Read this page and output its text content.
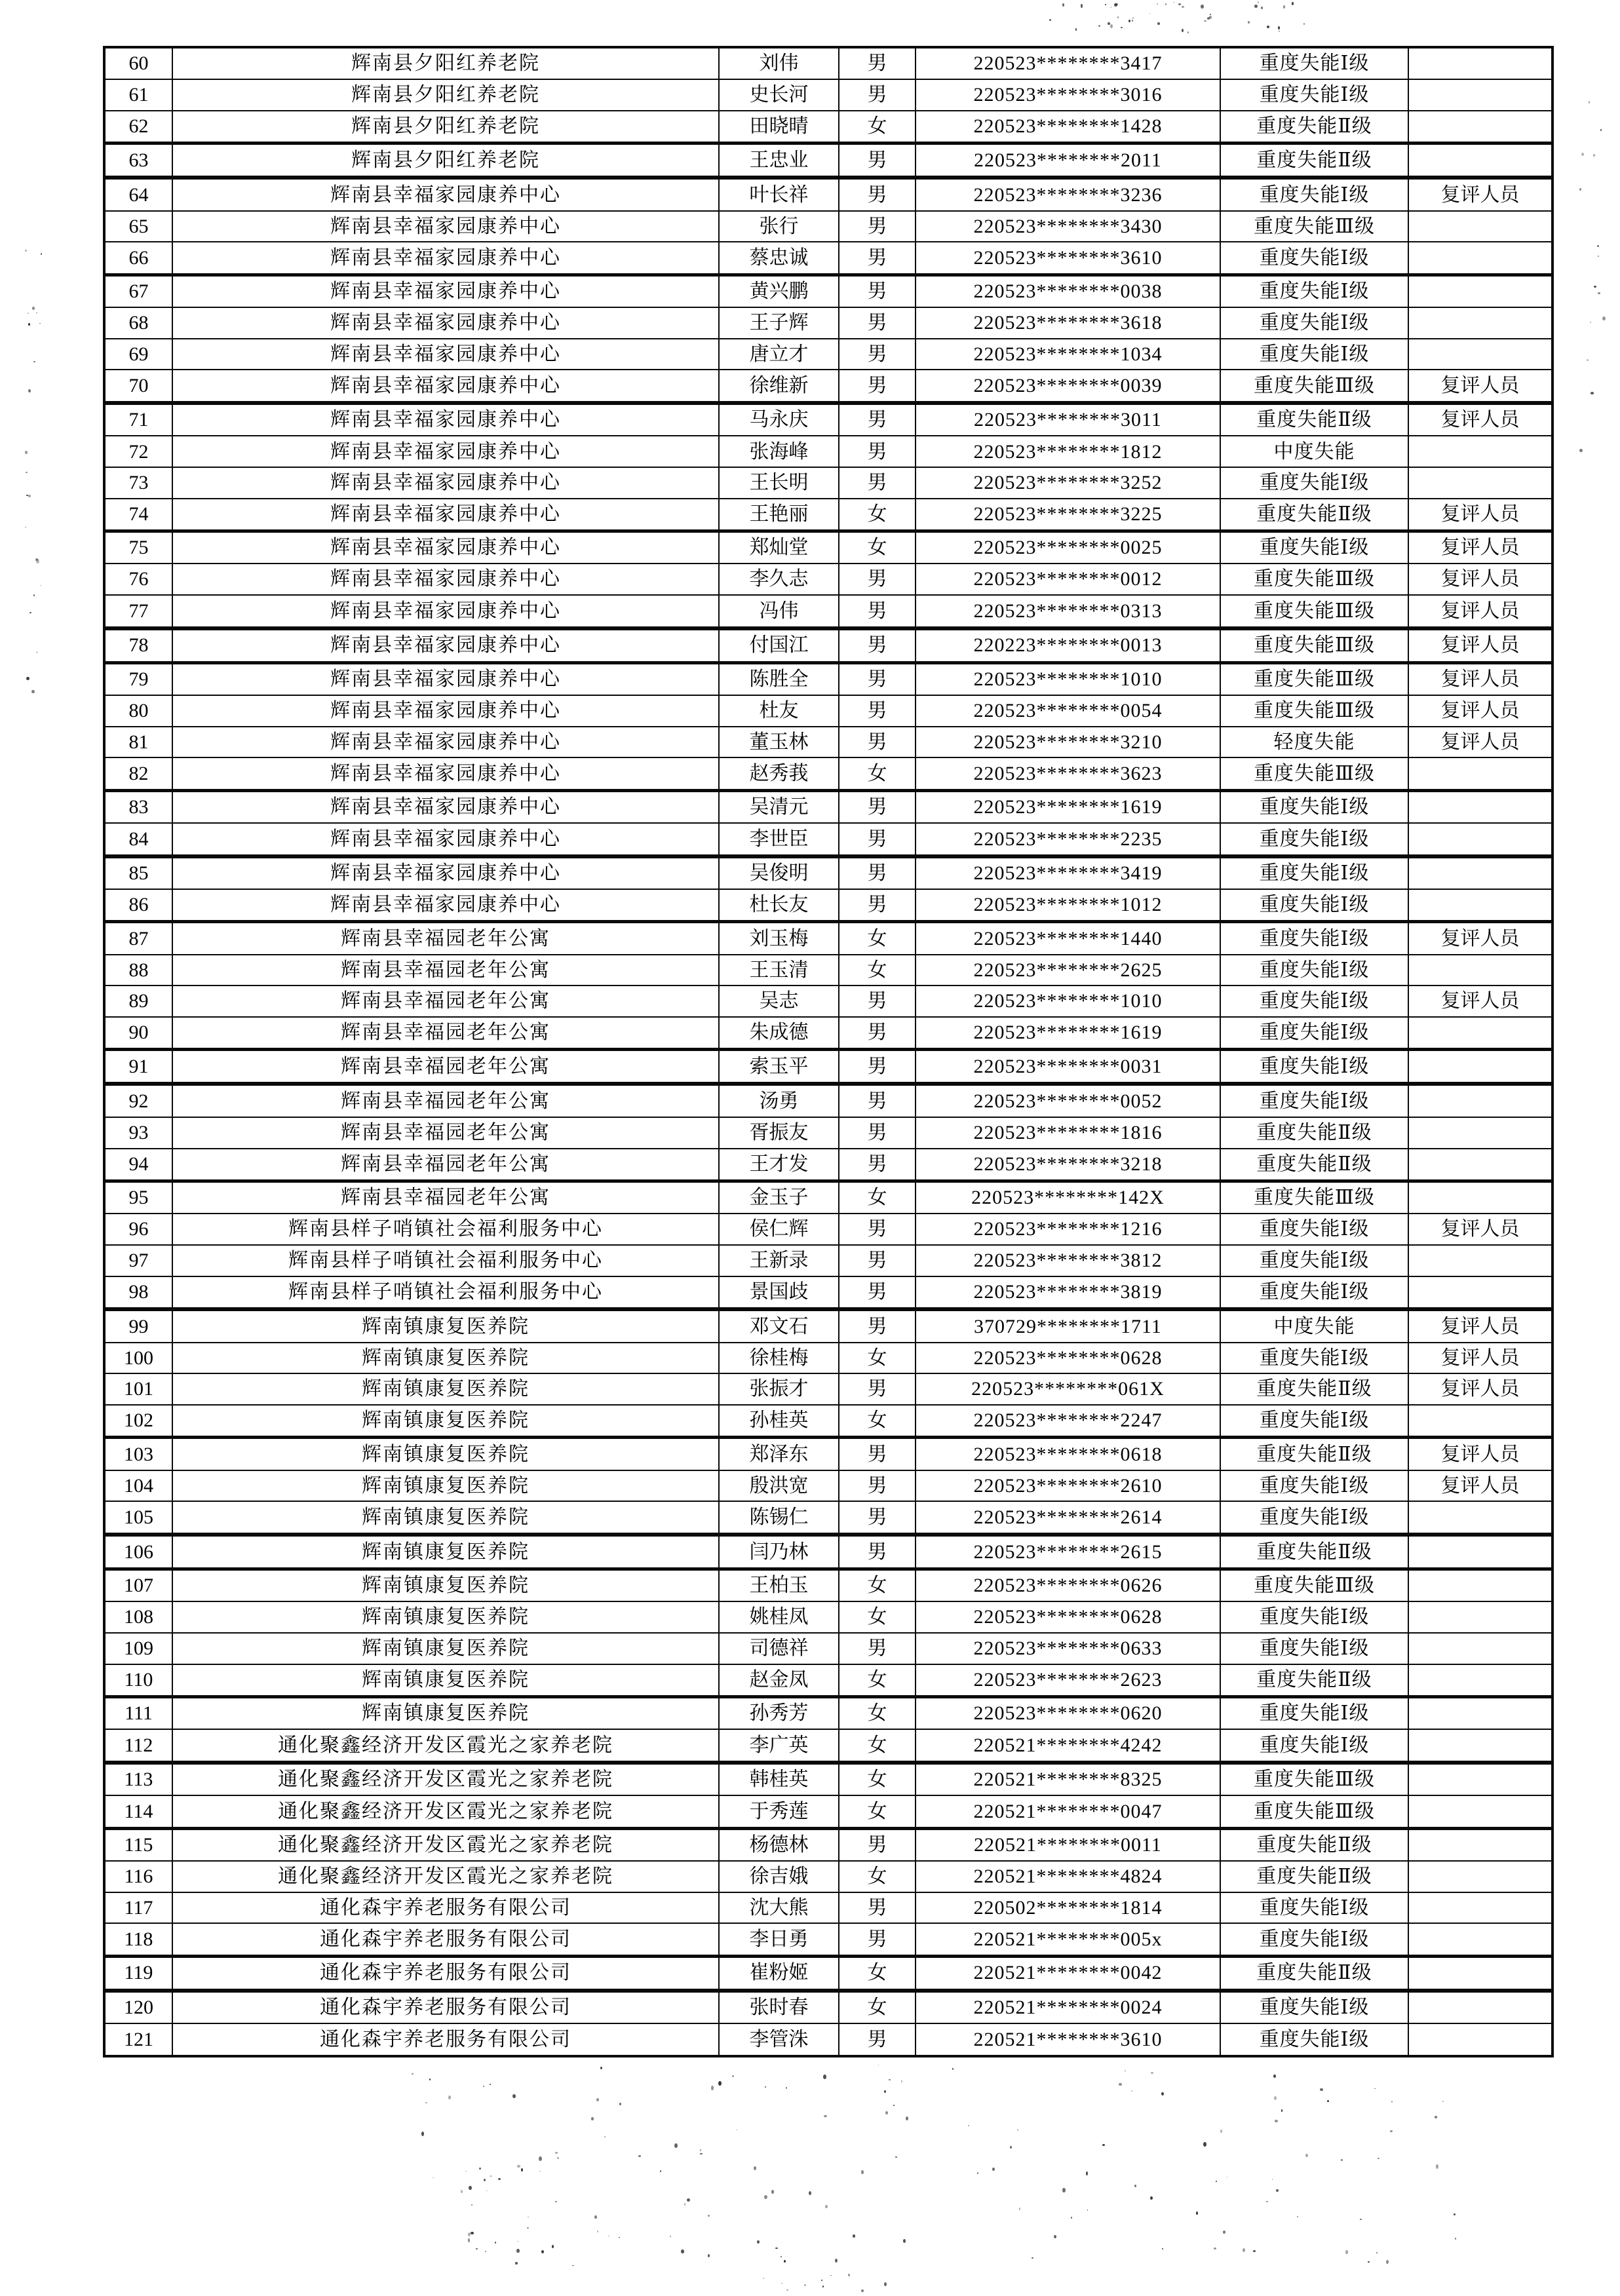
60	辉南县夕阳红养老院	刘伟	男	220523********3417	重度失能Ⅰ级	
61	辉南县夕阳红养老院	史长河	男	220523********3016	重度失能Ⅰ级	
62	辉南县夕阳红养老院	田晓晴	女	220523********1428	重度失能Ⅱ级	
63	辉南县夕阳红养老院	王忠业	男	220523********2011	重度失能Ⅱ级	
64	辉南县幸福家园康养中心	叶长祥	男	220523********3236	重度失能Ⅰ级	复评人员
65	辉南县幸福家园康养中心	张行	男	220523********3430	重度失能Ⅲ级	
66	辉南县幸福家园康养中心	蔡忠诚	男	220523********3610	重度失能Ⅰ级	
67	辉南县幸福家园康养中心	黄兴鹏	男	220523********0038	重度失能Ⅰ级	
68	辉南县幸福家园康养中心	王子辉	男	220523********3618	重度失能Ⅰ级	
69	辉南县幸福家园康养中心	唐立才	男	220523********1034	重度失能Ⅰ级	
70	辉南县幸福家园康养中心	徐维新	男	220523********0039	重度失能Ⅲ级	复评人员
71	辉南县幸福家园康养中心	马永庆	男	220523********3011	重度失能Ⅱ级	复评人员
72	辉南县幸福家园康养中心	张海峰	男	220523********1812	中度失能	
73	辉南县幸福家园康养中心	王长明	男	220523********3252	重度失能Ⅰ级	
74	辉南县幸福家园康养中心	王艳丽	女	220523********3225	重度失能Ⅱ级	复评人员
75	辉南县幸福家园康养中心	郑灿堂	女	220523********0025	重度失能Ⅰ级	复评人员
76	辉南县幸福家园康养中心	李久志	男	220523********0012	重度失能Ⅲ级	复评人员
77	辉南县幸福家园康养中心	冯伟	男	220523********0313	重度失能Ⅲ级	复评人员
78	辉南县幸福家园康养中心	付国江	男	220223********0013	重度失能Ⅲ级	复评人员
79	辉南县幸福家园康养中心	陈胜全	男	220523********1010	重度失能Ⅲ级	复评人员
80	辉南县幸福家园康养中心	杜友	男	220523********0054	重度失能Ⅲ级	复评人员
81	辉南县幸福家园康养中心	董玉林	男	220523********3210	轻度失能	复评人员
82	辉南县幸福家园康养中心	赵秀莪	女	220523********3623	重度失能Ⅲ级	
83	辉南县幸福家园康养中心	吴清元	男	220523********1619	重度失能Ⅰ级	
84	辉南县幸福家园康养中心	李世臣	男	220523********2235	重度失能Ⅰ级	
85	辉南县幸福家园康养中心	吴俊明	男	220523********3419	重度失能Ⅰ级	
86	辉南县幸福家园康养中心	杜长友	男	220523********1012	重度失能Ⅰ级	
87	辉南县幸福园老年公寓	刘玉梅	女	220523********1440	重度失能Ⅰ级	复评人员
88	辉南县幸福园老年公寓	王玉清	女	220523********2625	重度失能Ⅰ级	
89	辉南县幸福园老年公寓	吴志	男	220523********1010	重度失能Ⅰ级	复评人员
90	辉南县幸福园老年公寓	朱成德	男	220523********1619	重度失能Ⅰ级	
91	辉南县幸福园老年公寓	索玉平	男	220523********0031	重度失能Ⅰ级	
92	辉南县幸福园老年公寓	汤勇	男	220523********0052	重度失能Ⅰ级	
93	辉南县幸福园老年公寓	胥振友	男	220523********1816	重度失能Ⅱ级	
94	辉南县幸福园老年公寓	王才发	男	220523********3218	重度失能Ⅱ级	
95	辉南县幸福园老年公寓	金玉子	女	220523********142X	重度失能Ⅲ级	
96	辉南县样子哨镇社会福利服务中心	侯仁辉	男	220523********1216	重度失能Ⅰ级	复评人员
97	辉南县样子哨镇社会福利服务中心	王新录	男	220523********3812	重度失能Ⅰ级	
98	辉南县样子哨镇社会福利服务中心	景国歧	男	220523********3819	重度失能Ⅰ级	
99	辉南镇康复医养院	邓文石	男	370729********1711	中度失能	复评人员
100	辉南镇康复医养院	徐桂梅	女	220523********0628	重度失能Ⅰ级	复评人员
101	辉南镇康复医养院	张振才	男	220523********061X	重度失能Ⅱ级	复评人员
102	辉南镇康复医养院	孙桂英	女	220523********2247	重度失能Ⅰ级	
103	辉南镇康复医养院	郑泽东	男	220523********0618	重度失能Ⅱ级	复评人员
104	辉南镇康复医养院	殷洪宽	男	220523********2610	重度失能Ⅰ级	复评人员
105	辉南镇康复医养院	陈锡仁	男	220523********2614	重度失能Ⅰ级	
106	辉南镇康复医养院	闫乃林	男	220523********2615	重度失能Ⅱ级	
107	辉南镇康复医养院	王柏玉	女	220523********0626	重度失能Ⅲ级	
108	辉南镇康复医养院	姚桂凤	女	220523********0628	重度失能Ⅰ级	
109	辉南镇康复医养院	司德祥	男	220523********0633	重度失能Ⅰ级	
110	辉南镇康复医养院	赵金凤	女	220523********2623	重度失能Ⅱ级	
111	辉南镇康复医养院	孙秀芳	女	220523********0620	重度失能Ⅰ级	
112	通化聚鑫经济开发区霞光之家养老院	李广英	女	220521********4242	重度失能Ⅰ级	
113	通化聚鑫经济开发区霞光之家养老院	韩桂英	女	220521********8325	重度失能Ⅲ级	
114	通化聚鑫经济开发区霞光之家养老院	于秀莲	女	220521********0047	重度失能Ⅲ级	
115	通化聚鑫经济开发区霞光之家养老院	杨德林	男	220521********0011	重度失能Ⅱ级	
116	通化聚鑫经济开发区霞光之家养老院	徐吉娥	女	220521********4824	重度失能Ⅱ级	
117	通化森宇养老服务有限公司	沈大熊	男	220502********1814	重度失能Ⅰ级	
118	通化森宇养老服务有限公司	李日勇	男	220521********005x	重度失能Ⅰ级	
119	通化森宇养老服务有限公司	崔粉姬	女	220521********0042	重度失能Ⅱ级	
120	通化森宇养老服务有限公司	张时春	女	220521********0024	重度失能Ⅰ级	
121	通化森宇养老服务有限公司	李管洙	男	220521********3610	重度失能Ⅰ级	
